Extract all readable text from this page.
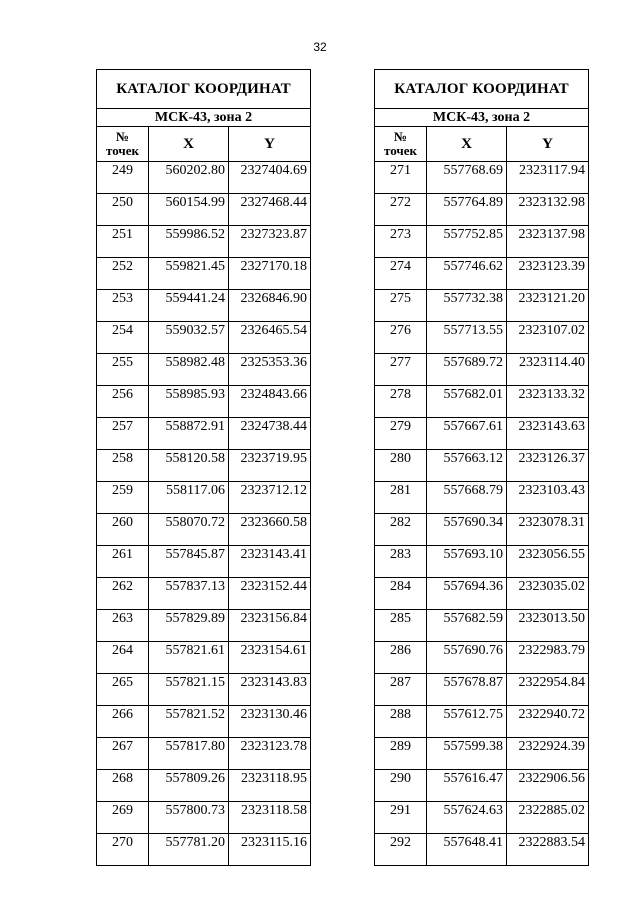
32
КАТАЛОГ КООРДИНАТ		
МСК-43, зона 2		
№
точек	X	Y
249	560202.80	2327404.69
250	560154.99	2327468.44
251	559986.52	2327323.87
252	559821.45	2327170.18
253	559441.24	2326846.90
254	559032.57	2326465.54
255	558982.48	2325353.36
256	558985.93	2324843.66
257	558872.91	2324738.44
258	558120.58	2323719.95
259	558117.06	2323712.12
260	558070.72	2323660.58
261	557845.87	2323143.41
262	557837.13	2323152.44
263	557829.89	2323156.84
264	557821.61	2323154.61
265	557821.15	2323143.83
266	557821.52	2323130.46
267	557817.80	2323123.78
268	557809.26	2323118.95
269	557800.73	2323118.58
270	557781.20	2323115.16
КАТАЛОГ КООРДИНАТ		
МСК-43, зона 2		
№
точек	X	Y
271	557768.69	2323117.94
272	557764.89	2323132.98
273	557752.85	2323137.98
274	557746.62	2323123.39
275	557732.38	2323121.20
276	557713.55	2323107.02
277	557689.72	2323114.40
278	557682.01	2323133.32
279	557667.61	2323143.63
280	557663.12	2323126.37
281	557668.79	2323103.43
282	557690.34	2323078.31
283	557693.10	2323056.55
284	557694.36	2323035.02
285	557682.59	2323013.50
286	557690.76	2322983.79
287	557678.87	2322954.84
288	557612.75	2322940.72
289	557599.38	2322924.39
290	557616.47	2322906.56
291	557624.63	2322885.02
292	557648.41	2322883.54
